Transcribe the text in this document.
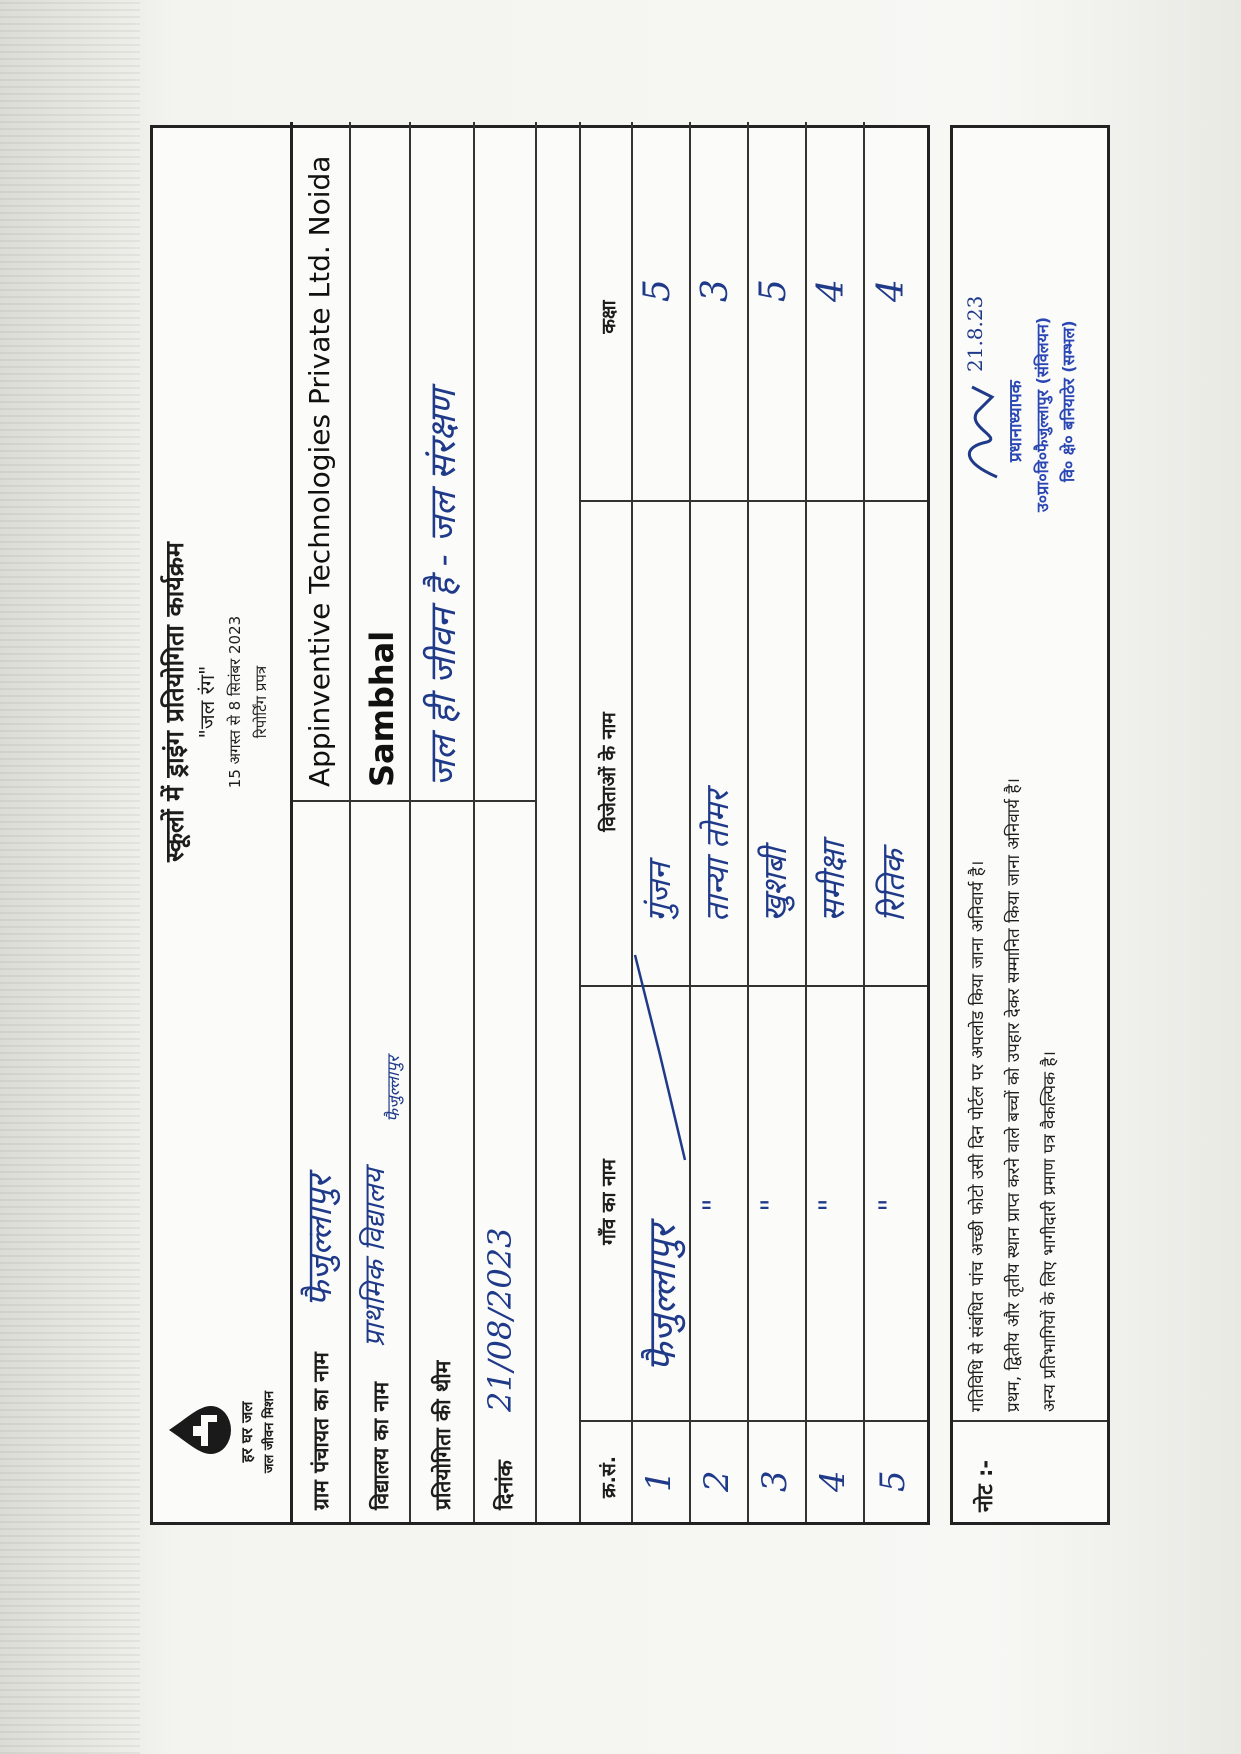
हर घर जल जल जीवन मिशन
स्कूलों में ड्राइंग प्रतियोगिता कार्यक्रम "जल रंग" 15 अगस्त से 8 सितंबर 2023 रिपोर्टिंग प्रपत्र
ग्राम पंचायत का नाम
फैजुल्लापुर
Appinventive Technologies Private Ltd. Noida
विद्यालय का नाम
प्राथमिक विद्यालय
फैजुल्लापुर
Sambhal
प्रतियोगिता की थीम
जल ही जीवन है - जल संरक्षण
दिनांक
21/08/2023
क्र.सं.
गाँव का नाम
विजेताओं के नाम
कक्षा
1
फैजुल्लापुर
गुंजन
5
2
"
तान्या तोमर
3
3
"
खुशबी
5
4
"
समीक्षा
4
5
"
रितिक
4
नोट :-
गतिविधि से संबंधित पांच अच्छी फोटो उसी दिन पोर्टल पर अपलोड किया जाना अनिवार्य है। प्रथम, द्वितीय और तृतीय स्थान प्राप्त करने वाले बच्चों को उपहार देकर सम्मानित किया जाना अनिवार्य है। अन्य प्रतिभागियों के लिए भागीदारी प्रमाण पत्र वैकल्पिक है।
21.8.23
प्रधानाध्यापक उ०प्रा०वि०फैजुल्लापुर (संविलयन) वि० क्षे० बनियाठेर (सम्भल)
